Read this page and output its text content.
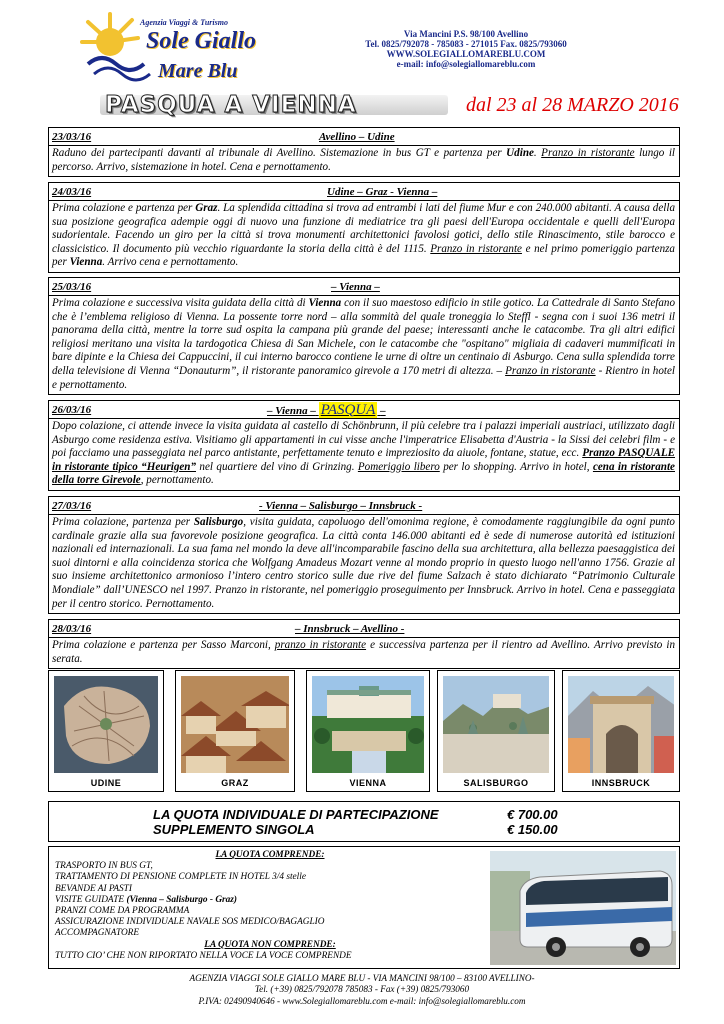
Agenzia Viaggi & Turismo
Sole Giallo
Mare Blu
Via Mancini P.S. 98/100 Avellino
Tel. 0825/792078 - 785083 - 271015 Fax. 0825/793060
WWW.SOLEGIALLOMAREBLU.COM
e-mail: info@solegiallomareblu.com
PASQUA A VIENNA	dal 23 al 28 MARZO 2016
23/03/16	Avellino – Udine
Raduno dei partecipanti davanti al tribunale di Avellino. Sistemazione in bus GT e partenza per Udine. Pranzo in ristorante lungo il percorso. Arrivo, sistemazione in hotel. Cena e pernottamento.
24/03/16	Udine – Graz - Vienna –
Prima colazione e partenza per Graz. La splendida cittadina si trova ad entrambi i lati del fiume Mur e con 240.000 abitanti. A causa della sua posizione geografica adempie oggi di nuovo una funzione di mediatrice tra gli paesi dell'Europa occidentale e quelli dell'Europa sudorientale. Facendo un giro per la città si trova monumenti architettonici favolosi gotici, dello stile Rinascimento, stile barocco e classicistico. Il documento più vecchio riguardante la storia della città è del 1115. Pranzo in ristorante e nel primo pomeriggio partenza per Vienna. Arrivo cena e pernottamento.
25/03/16	– Vienna –
Prima colazione e successiva visita guidata della città di Vienna con il suo maestoso edificio in stile gotico. La Cattedrale di Santo Stefano che è l’emblema religioso di Vienna. La possente torre nord – alla sommità del quale troneggia lo Steffl - segna con i suoi 136 metri il panorama della città, mentre la torre sud ospita la campana più grande del paese; interessanti anche le catacombe. Tra gli altri edifici religiosi meritano una visita la tardogotica Chiesa di San Michele, con le catacombe che "ospitano" migliaia di cadaveri mummificati in bare dipinte e la Chiesa dei Cappuccini, il cui interno barocco contiene le urne di oltre un centinaio di Asburgo. Cena sulla splendida torre della televisione di Vienna “Donauturm”, il ristorante panoramico girevole a 170 metri di altezza. – Pranzo in ristorante - Rientro in hotel e pernottamento.
26/03/16	– Vienna – PASQUA –
Dopo colazione, ci attende invece la visita guidata al castello di Schönbrunn, il più celebre tra i palazzi imperiali austriaci, utilizzato dagli Asburgo come residenza estiva. Visitiamo gli appartamenti in cui visse anche l'imperatrice Elisabetta d'Austria - la Sissi dei celebri film - e poi facciamo una passeggiata nel parco antistante, perfettamente tenuto e impreziosito da aiuole, fontane, statue, ecc. Pranzo PASQUALE in ristorante tipico “Heurigen” nel quartiere del vino di Grinzing. Pomeriggio libero per lo shopping. Arrivo in hotel, cena in ristorante della torre Girevole, pernottamento.
27/03/16	- Vienna – Salisburgo – Innsbruck -
Prima colazione, partenza per Salisburgo, visita guidata, capoluogo dell'omonima regione, è comodamente raggiungibile da ogni punto cardinale grazie alla sua favorevole posizione geografica. La città conta 146.000 abitanti ed è sede di numerose autorità ed istituzioni nazionali ed internazionali. La sua fama nel mondo la deve all'incomparabile fascino della sua architettura, alla bellezza paesaggistica dei suoi dintorni e alla coincidenza storica che Wolfgang Amadeus Mozart venne al mondo proprio in questo luogo nell'anno 1756. Grazie al suo insieme architettonico armonioso l’intero centro storico sulle due rive del fiume Salzach è stato dichiarato “Patrimonio Culturale Mondiale” dall’UNESCO nel 1997. Pranzo in ristorante, nel pomeriggio proseguimento per Innsbruck. Arrivo in hotel. Cena e passeggiata per il centro storico. Pernottamento.
28/03/16	– Innsbruck – Avellino -
Prima colazione e partenza per Sasso Marconi, pranzo in ristorante e successiva partenza per il rientro ad Avellino. Arrivo previsto in serata.
UDINE	GRAZ	VIENNA	SALISBURGO	INNSBRUCK
LA QUOTA INDIVIDUALE DI PARTECIPAZIONE	€ 700.00
SUPPLEMENTO SINGOLA	€ 150.00
LA QUOTA COMPRENDE:
TRASPORTO IN BUS GT,
TRATTAMENTO DI PENSIONE COMPLETE IN HOTEL 3/4 stelle
BEVANDE AI PASTI
VISITE GUIDATE (Vienna – Salisburgo - Graz)
PRANZI COME DA PROGRAMMA
ASSICURAZIONE INDIVIDUALE NAVALE SOS MEDICO/BAGAGLIO
ACCOMPAGNATORE
LA QUOTA NON COMPRENDE:
TUTTO CIO’ CHE NON RIPORTATO NELLA VOCE LA VOCE COMPRENDE
AGENZIA VIAGGI SOLE GIALLO MARE BLU - VIA MANCINI 98/100 – 83100 AVELLINO-
Tel. (+39) 0825/792078 785083 - Fax (+39) 0825/793060
P.IVA: 02490940646 - www.Solegiallomareblu.com e-mail: info@solegiallomareblu.com
